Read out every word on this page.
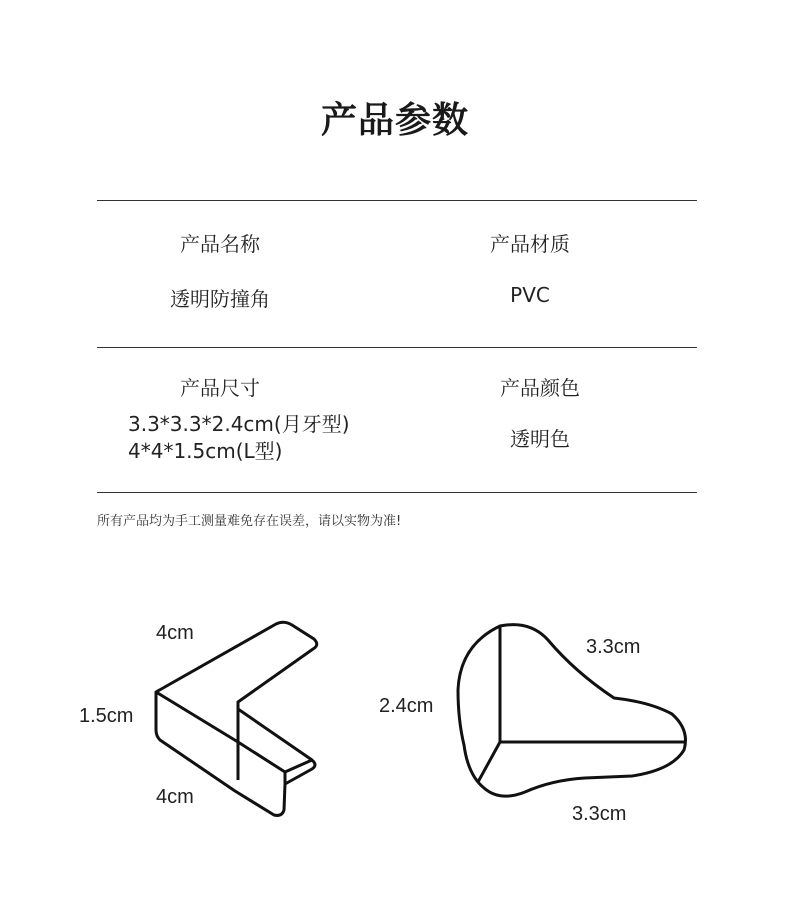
产品参数
产品名称	产品材质
透明防撞角	PVC
产品尺寸	产品颜色
3.3*3.3*2.4cm(月牙型)
4*4*1.5cm(L型)	透明色
所有产品均为手工测量难免存在误差，请以实物为准!
4cm
1.5cm
4cm
3.3cm
2.4cm
3.3cm
